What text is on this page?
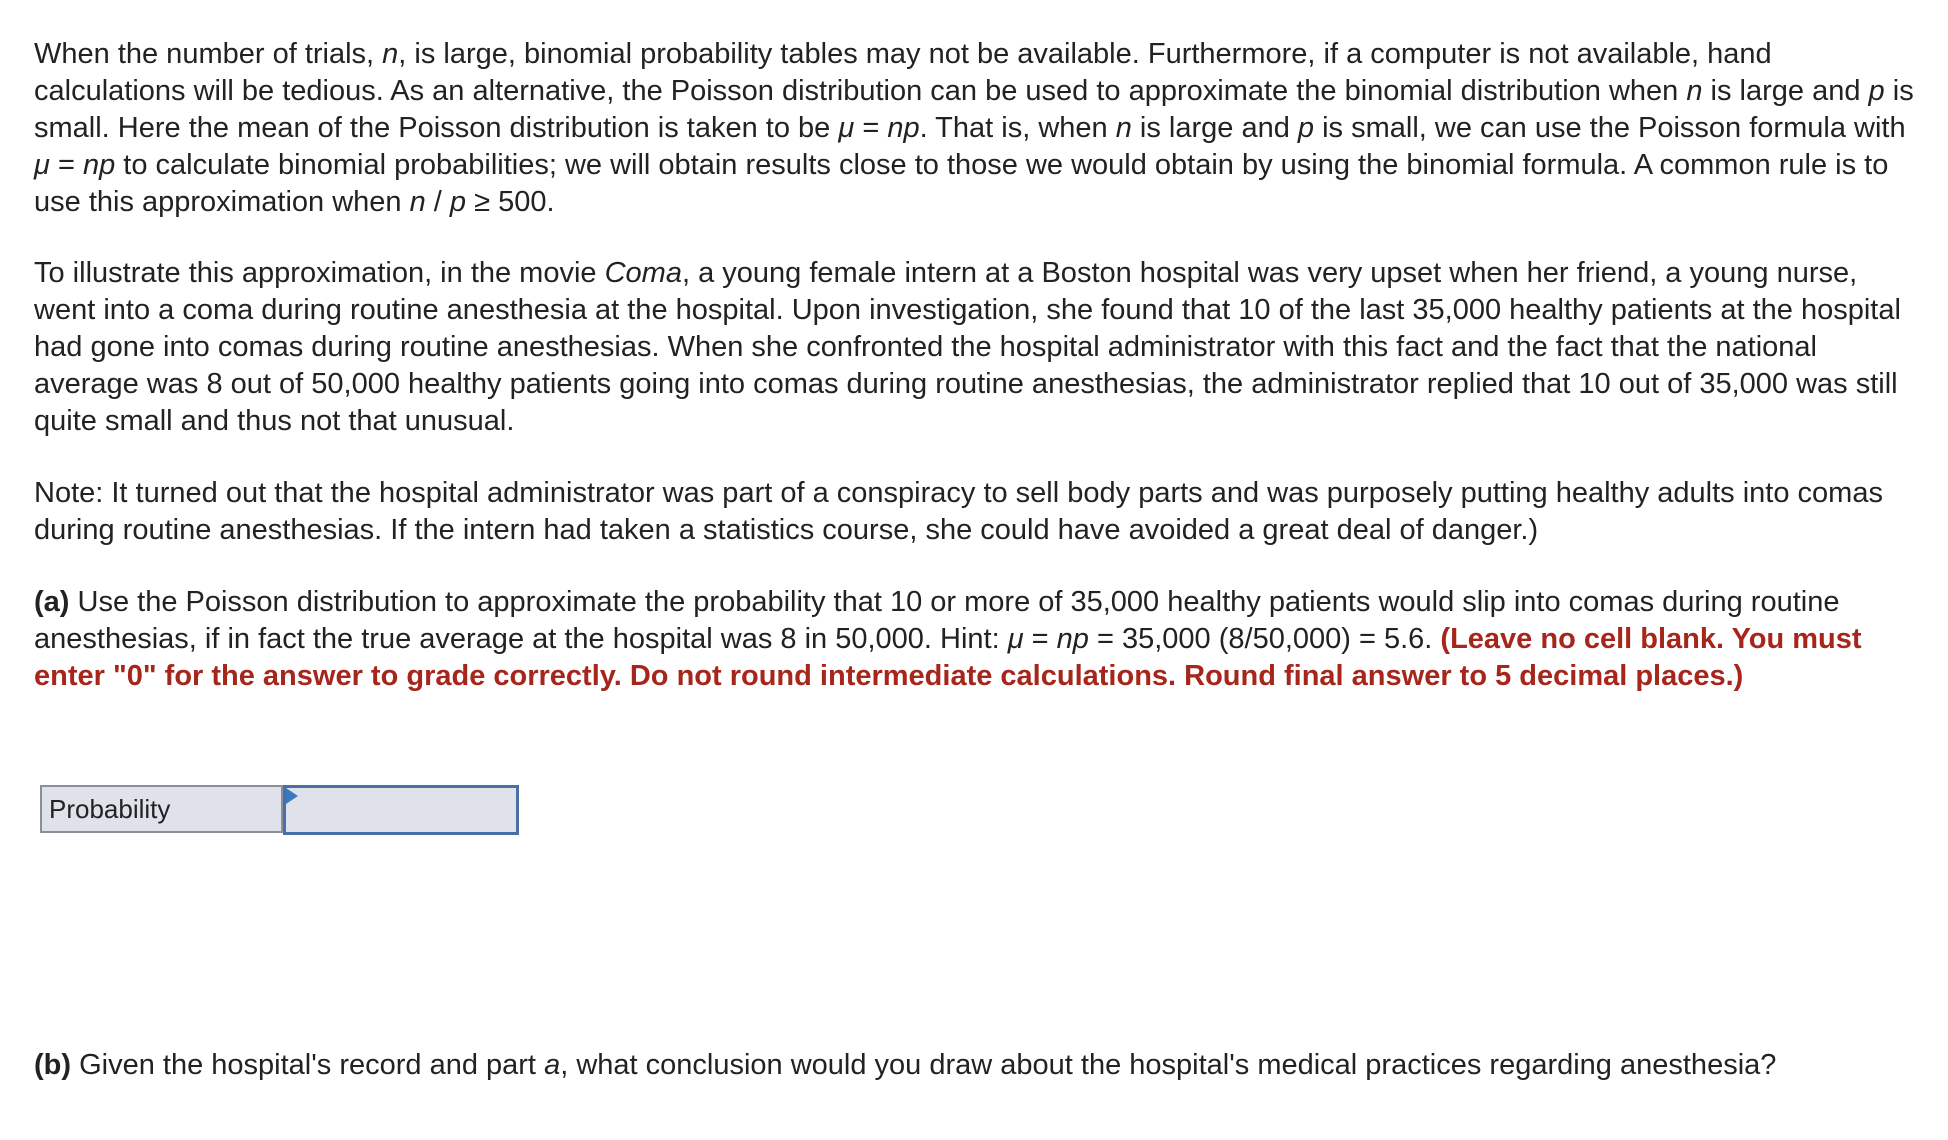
When the number of trials, n, is large, binomial probability tables may not be available. Furthermore, if a computer is not available, hand calculations will be tedious. As an alternative, the Poisson distribution can be used to approximate the binomial distribution when n is large and p is small. Here the mean of the Poisson distribution is taken to be μ = np. That is, when n is large and p is small, we can use the Poisson formula with μ = np to calculate binomial probabilities; we will obtain results close to those we would obtain by using the binomial formula. A common rule is to use this approximation when n / p ≥ 500.

To illustrate this approximation, in the movie Coma, a young female intern at a Boston hospital was very upset when her friend, a young nurse, went into a coma during routine anesthesia at the hospital. Upon investigation, she found that 10 of the last 35,000 healthy patients at the hospital had gone into comas during routine anesthesias. When she confronted the hospital administrator with this fact and the fact that the national average was 8 out of 50,000 healthy patients going into comas during routine anesthesias, the administrator replied that 10 out of 35,000 was still quite small and thus not that unusual.

Note: It turned out that the hospital administrator was part of a conspiracy to sell body parts and was purposely putting healthy adults into comas during routine anesthesias. If the intern had taken a statistics course, she could have avoided a great deal of danger.)

(a) Use the Poisson distribution to approximate the probability that 10 or more of 35,000 healthy patients would slip into comas during routine anesthesias, if in fact the true average at the hospital was 8 in 50,000. Hint: μ = np = 35,000 (8/50,000) = 5.6. (Leave no cell blank. You must enter "0" for the answer to grade correctly. Do not round intermediate calculations. Round final answer to 5 decimal places.)

Probability

(b) Given the hospital's record and part a, what conclusion would you draw about the hospital's medical practices regarding anesthesia?
